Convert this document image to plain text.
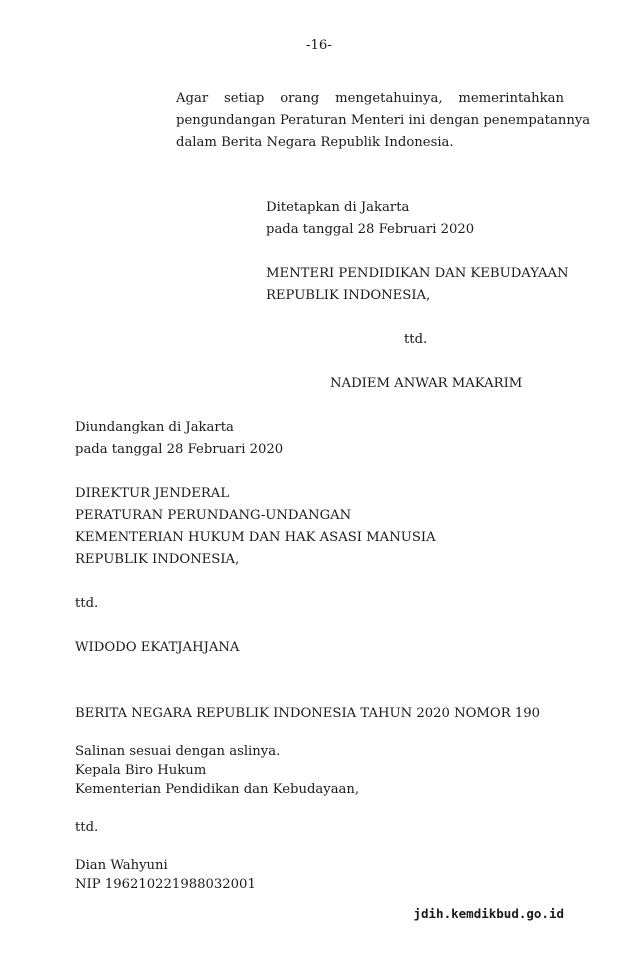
-16-
Agar setiap orang mengetahuinya, memerintahkan
pengundangan Peraturan Menteri ini dengan penempatannya
dalam Berita Negara Republik Indonesia.
Ditetapkan di Jakarta
pada tanggal 28 Februari 2020
MENTERI PENDIDIKAN DAN KEBUDAYAAN
REPUBLIK INDONESIA,
ttd.
NADIEM ANWAR MAKARIM
Diundangkan di Jakarta
pada tanggal 28 Februari 2020
DIREKTUR JENDERAL
PERATURAN PERUNDANG-UNDANGAN
KEMENTERIAN HUKUM DAN HAK ASASI MANUSIA
REPUBLIK INDONESIA,
ttd.
WIDODO EKATJAHJANA
BERITA NEGARA REPUBLIK INDONESIA TAHUN 2020 NOMOR 190
Salinan sesuai dengan aslinya.
Kepala Biro Hukum
Kementerian Pendidikan dan Kebudayaan,
ttd.
Dian Wahyuni
NIP 196210221988032001
jdih.kemdikbud.go.id
